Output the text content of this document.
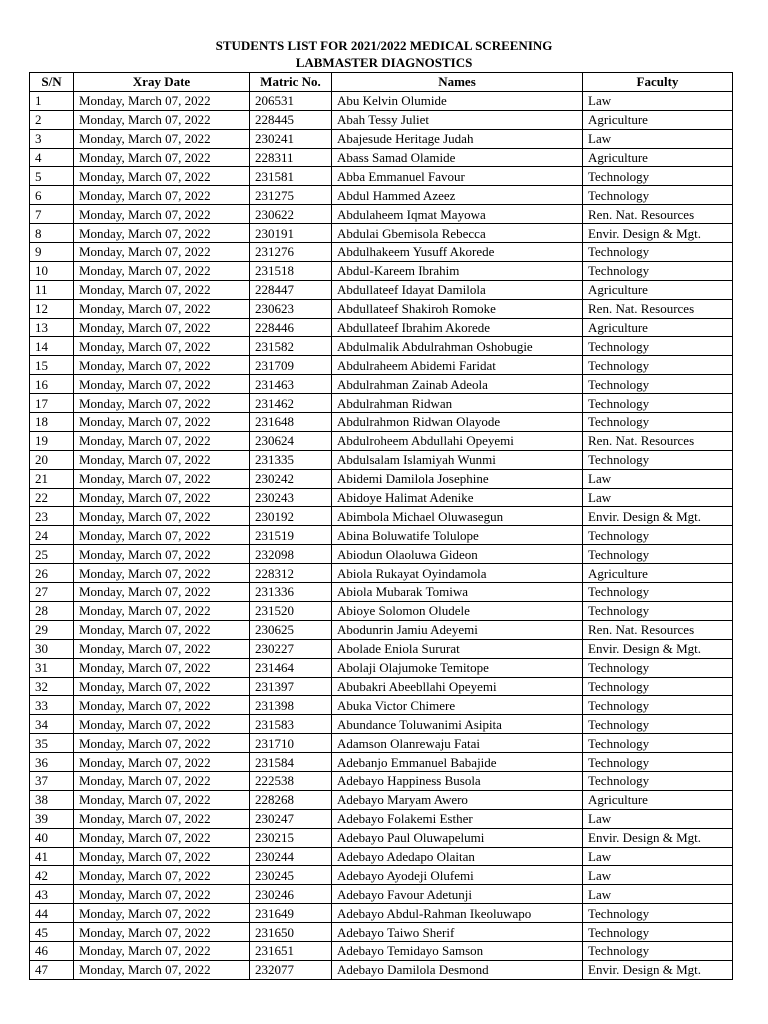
STUDENTS LIST FOR 2021/2022 MEDICAL SCREENING
LABMASTER DIAGNOSTICS
S/N	Xray Date	Matric No.	Names	Faculty
1	Monday, March 07, 2022	206531	Abu Kelvin Olumide	Law
2	Monday, March 07, 2022	228445	Abah Tessy Juliet	Agriculture
3	Monday, March 07, 2022	230241	Abajesude Heritage Judah	Law
4	Monday, March 07, 2022	228311	Abass Samad Olamide	Agriculture
5	Monday, March 07, 2022	231581	Abba Emmanuel Favour	Technology
6	Monday, March 07, 2022	231275	Abdul Hammed Azeez	Technology
7	Monday, March 07, 2022	230622	Abdulaheem Iqmat Mayowa	Ren. Nat. Resources
8	Monday, March 07, 2022	230191	Abdulai Gbemisola Rebecca	Envir. Design & Mgt.
9	Monday, March 07, 2022	231276	Abdulhakeem Yusuff Akorede	Technology
10	Monday, March 07, 2022	231518	Abdul-Kareem Ibrahim	Technology
11	Monday, March 07, 2022	228447	Abdullateef Idayat Damilola	Agriculture
12	Monday, March 07, 2022	230623	Abdullateef Shakiroh Romoke	Ren. Nat. Resources
13	Monday, March 07, 2022	228446	Abdullateef Ibrahim Akorede	Agriculture
14	Monday, March 07, 2022	231582	Abdulmalik Abdulrahman Oshobugie	Technology
15	Monday, March 07, 2022	231709	Abdulraheem Abidemi Faridat	Technology
16	Monday, March 07, 2022	231463	Abdulrahman Zainab Adeola	Technology
17	Monday, March 07, 2022	231462	Abdulrahman Ridwan	Technology
18	Monday, March 07, 2022	231648	Abdulrahmon Ridwan Olayode	Technology
19	Monday, March 07, 2022	230624	Abdulroheem Abdullahi Opeyemi	Ren. Nat. Resources
20	Monday, March 07, 2022	231335	Abdulsalam Islamiyah Wunmi	Technology
21	Monday, March 07, 2022	230242	Abidemi Damilola Josephine	Law
22	Monday, March 07, 2022	230243	Abidoye Halimat Adenike	Law
23	Monday, March 07, 2022	230192	Abimbola Michael Oluwasegun	Envir. Design & Mgt.
24	Monday, March 07, 2022	231519	Abina Boluwatife Tolulope	Technology
25	Monday, March 07, 2022	232098	Abiodun Olaoluwa Gideon	Technology
26	Monday, March 07, 2022	228312	Abiola Rukayat Oyindamola	Agriculture
27	Monday, March 07, 2022	231336	Abiola Mubarak Tomiwa	Technology
28	Monday, March 07, 2022	231520	Abioye Solomon Oludele	Technology
29	Monday, March 07, 2022	230625	Abodunrin Jamiu Adeyemi	Ren. Nat. Resources
30	Monday, March 07, 2022	230227	Abolade Eniola Sururat	Envir. Design & Mgt.
31	Monday, March 07, 2022	231464	Abolaji Olajumoke Temitope	Technology
32	Monday, March 07, 2022	231397	Abubakri Abeebllahi Opeyemi	Technology
33	Monday, March 07, 2022	231398	Abuka Victor Chimere	Technology
34	Monday, March 07, 2022	231583	Abundance Toluwanimi Asipita	Technology
35	Monday, March 07, 2022	231710	Adamson Olanrewaju Fatai	Technology
36	Monday, March 07, 2022	231584	Adebanjo Emmanuel Babajide	Technology
37	Monday, March 07, 2022	222538	Adebayo Happiness Busola	Technology
38	Monday, March 07, 2022	228268	Adebayo Maryam Awero	Agriculture
39	Monday, March 07, 2022	230247	Adebayo Folakemi Esther	Law
40	Monday, March 07, 2022	230215	Adebayo Paul Oluwapelumi	Envir. Design & Mgt.
41	Monday, March 07, 2022	230244	Adebayo Adedapo Olaitan	Law
42	Monday, March 07, 2022	230245	Adebayo Ayodeji Olufemi	Law
43	Monday, March 07, 2022	230246	Adebayo Favour Adetunji	Law
44	Monday, March 07, 2022	231649	Adebayo Abdul-Rahman Ikeoluwapo	Technology
45	Monday, March 07, 2022	231650	Adebayo Taiwo Sherif	Technology
46	Monday, March 07, 2022	231651	Adebayo Temidayo Samson	Technology
47	Monday, March 07, 2022	232077	Adebayo Damilola Desmond	Envir. Design & Mgt.
